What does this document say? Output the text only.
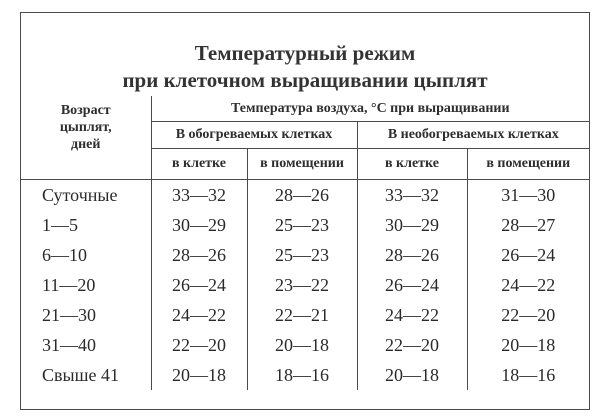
Температурный режим
при клеточном выращивании цыплят
Возраст
цыплят,
дней	Температура воздуха, °С при выращивании			
	В обогреваемых клетках		В необогреваемых клетках	
	в клетке	в помещении	в клетке	в помещении
Суточные	33—32	28—26	33—32	31—30
1—5	30—29	25—23	30—29	28—27
6—10	28—26	25—23	28—26	26—24
11—20	26—24	23—22	26—24	24—22
21—30	24—22	22—21	24—22	22—20
31—40	22—20	20—18	22—20	20—18
Свыше 41	20—18	18—16	20—18	18—16
